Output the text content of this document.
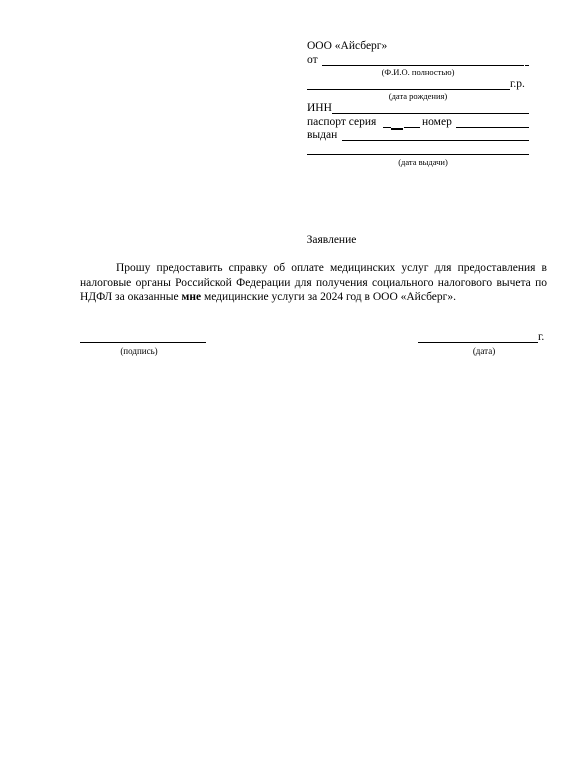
ООО «Айсберг»
от
(Ф.И.О. полностью)
г.р.
(дата рождения)
ИНН
паспорт серия	номер
выдан
(дата выдачи)
Заявление
Прошу предоставить справку об оплате медицинских услуг для предоставления в налоговые органы Российской Федерации для получения социального налогового вычета по НДФЛ за оказанные мне медицинские услуги за 2024 год в ООО «Айсберг».
(подпись)
г.
(дата)
